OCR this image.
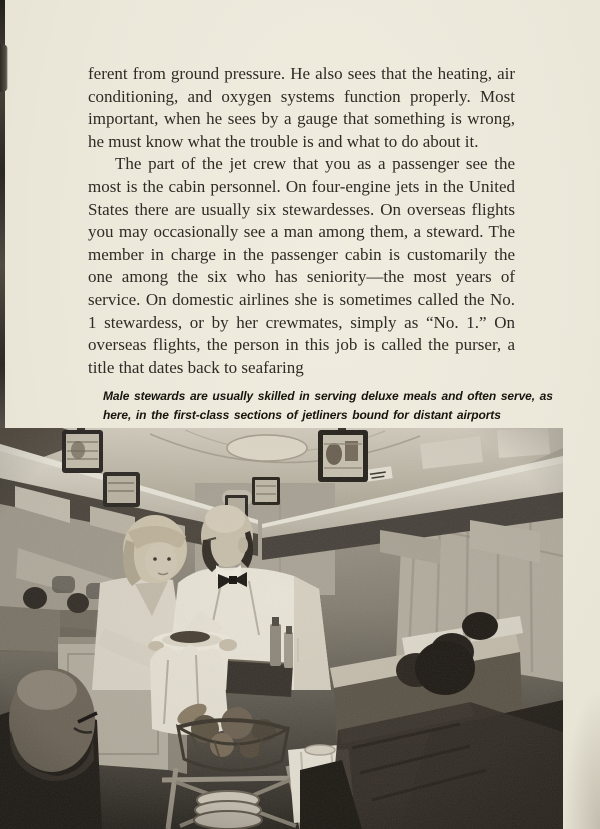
ferent from ground pressure. He also sees that the heating, air conditioning, and oxygen systems function properly. Most important, when he sees by a gauge that something is wrong, he must know what the trouble is and what to do about it.

The part of the jet crew that you as a passenger see the most is the cabin personnel. On four-engine jets in the United States there are usually six stewardesses. On overseas flights you may occasionally see a man among them, a steward. The member in charge in the passenger cabin is customarily the one among the six who has seniority—the most years of service. On domestic airlines she is sometimes called the No. 1 stewardess, or by her crewmates, simply as “No. 1.” On overseas flights, the person in this job is called the purser, a title that dates back to seafaring

Male stewards are usually skilled in serving deluxe meals and often serve, as
here, in the first-class sections of jetliners bound for distant airports
